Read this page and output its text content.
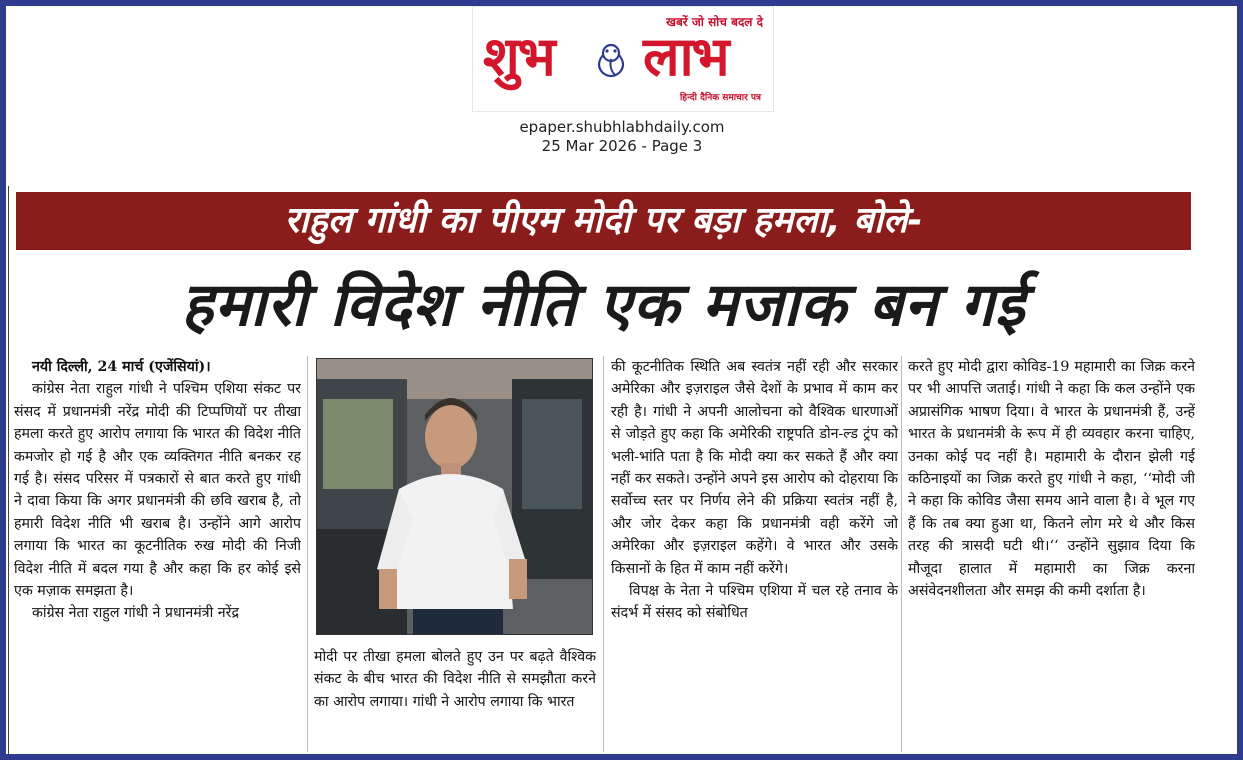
खबरें जो सोच बदल दे
शुभ लाभ
हिन्दी दैनिक समाचार पत्र
epaper.shubhlabhdaily.com
25 Mar 2026 - Page 3
राहुल गांधी का पीएम मोदी पर बड़ा हमला, बोले-
हमारी विदेश नीति एक मजाक बन गई

नयी दिल्ली, 24 मार्च (एजेंसियां)।

कांग्रेस नेता राहुल गांधी ने पश्चिम एशिया संकट पर संसद में प्रधानमंत्री नरेंद्र मोदी की टिप्पणियों पर तीखा हमला करते हुए आरोप लगाया कि भारत की विदेश नीति कमजोर हो गई है और एक व्यक्तिगत नीति बनकर रह गई है। संसद परिसर में पत्रकारों से बात करते हुए गांधी ने दावा किया कि अगर प्रधानमंत्री की छवि खराब है, तो हमारी विदेश नीति भी खराब है। उन्होंने आगे आरोप लगाया कि भारत का कूटनीतिक रुख मोदी की निजी विदेश नीति में बदल गया है और कहा कि हर कोई इसे एक मज़ाक समझता है।

कांग्रेस नेता राहुल गांधी ने प्रधानमंत्री नरेंद्र

मोदी पर तीखा हमला बोलते हुए उन पर बढ़ते वैश्विक संकट के बीच भारत की विदेश नीति से समझौता करने का आरोप लगाया। गांधी ने आरोप लगाया कि भारत

की कूटनीतिक स्थिति अब स्वतंत्र नहीं रही और सरकार अमेरिका और इज़राइल जैसे देशों के प्रभाव में काम कर रही है। गांधी ने अपनी आलोचना को वैश्विक धारणाओं से जोड़ते हुए कहा कि अमेरिकी राष्ट्रपति डोन-ल्ड ट्रंप को भली-भांति पता है कि मोदी क्या कर सकते हैं और क्या नहीं कर सकते। उन्होंने अपने इस आरोप को दोहराया कि सर्वोच्च स्तर पर निर्णय लेने की प्रक्रिया स्वतंत्र नहीं है, और जोर देकर कहा कि प्रधानमंत्री वही करेंगे जो अमेरिका और इज़राइल कहेंगे। वे भारत और उसके किसानों के हित में काम नहीं करेंगे।

विपक्ष के नेता ने पश्चिम एशिया में चल रहे तनाव के संदर्भ में संसद को संबोधित

करते हुए मोदी द्वारा कोविड-19 महामारी का जिक्र करने पर भी आपत्ति जताई। गांधी ने कहा कि कल उन्होंने एक अप्रासंगिक भाषण दिया। वे भारत के प्रधानमंत्री हैं, उन्हें भारत के प्रधानमंत्री के रूप में ही व्यवहार करना चाहिए, उनका कोई पद नहीं है। महामारी के दौरान झेली गई कठिनाइयों का जिक्र करते हुए गांधी ने कहा, ‘‘मोदी जी ने कहा कि कोविड जैसा समय आने वाला है। वे भूल गए हैं कि तब क्या हुआ था, कितने लोग मरे थे और किस तरह की त्रासदी घटी थी।‘‘ उन्होंने सुझाव दिया कि मौजूदा हालात में महामारी का जिक्र करना असंवेदनशीलता और समझ की कमी दर्शाता है।
